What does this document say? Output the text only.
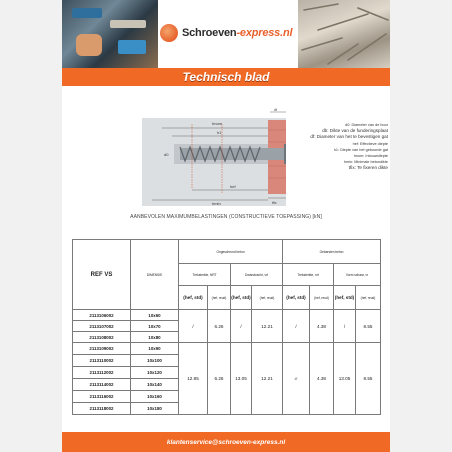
Schroeven-express.nl
Technisch blad
hnom
h1
hef
hmin	tfix
df
d0
d0: Diameter van de boor
db: Dikte van de funderingsplaat
df: Diameter van het te bevestigen gat
hef: Effectieve diepte
h1: Diepte van het geboorde gat
hnom: Inbouwdiepte
hmin: Minimale betondikte
tfix: Te fixeren dikte
AANBEVOLEN MAXIMUMBELASTINGEN (CONSTRUCTIEVE TOEPASSING) [kN]
REF VS	DIMENSIE	Ongescheurd beton				Gebarsten beton			
		Treksterkte, NRT		Dwarskracht, vrt		Treksterkte, nrt		Vorm schaar, vr	
		(hef, std)	(hef, reud)	(hef, std)	(hef, reud)	(hef, std)	(hef, reud)	(hef, std)	(hef, reud)
2113106002	10x60	/	6.26	/	12.21	/	4.38	/	8.55
2113107002	10x70								
2113108002	10x80								
2113109002	10x90	12.85	6.26	13.05	12.21	///	4.38	13.05	8.55
2113110002	10x100								
2113112002	10x120								
2113114002	10x140								
2113116002	10x160								
2113118002	10x180								
klantenservice@schroeven-express.nl
